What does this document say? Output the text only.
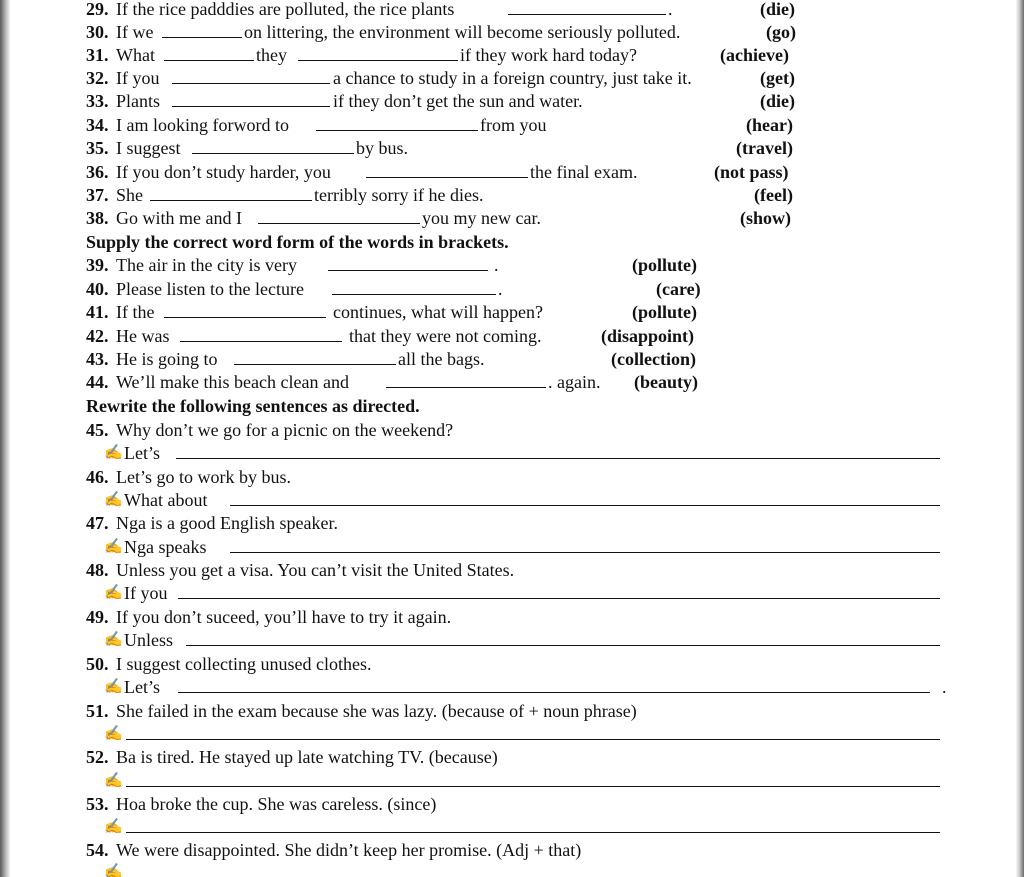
29. If the rice padddies are polluted, the rice plants	.	(die)
30. If we	on littering, the environment will become seriously polluted.	(go)
31. What	they	if they work hard today?	(achieve)
32. If you	a chance to study in a foreign country, just take it.	(get)
33. Plants	if they don’t get the sun and water.	(die)
34. I am looking forword to	from you	(hear)
35. I suggest	by bus.	(travel)
36. If you don’t study harder, you	the final exam.	(not pass)
37. She	terribly sorry if he dies.	(feel)
38. Go with me and I	you my new car.	(show)
Supply the correct word form of the words in brackets.
39. The air in the city is very	.	(pollute)
40. Please listen to the lecture	.	(care)
41. If the	continues, what will happen?	(pollute)
42. He was	that they were not coming.	(disappoint)
43. He is going to	all the bags.	(collection)
44. We’ll make this beach clean and	. again. (beauty)
Rewrite the following sentences as directed.
45. Why don’t we go for a picnic on the weekend?
✍ Let’s
46. Let’s go to work by bus.
✍ What about
47. Nga is a good English speaker.
✍ Nga speaks
48. Unless you get a visa. You can’t visit the United States.
✍ If you
49. If you don’t suceed, you’ll have to try it again.
✍ Unless
50. I suggest collecting unused clothes.
✍ Let’s	.
51. She failed in the exam because she was lazy. (because of + noun phrase)
✍
52. Ba is tired. He stayed up late watching TV. (because)
✍
53. Hoa broke the cup. She was careless. (since)
✍
54. We were disappointed. She didn’t keep her promise. (Adj + that)
✍
